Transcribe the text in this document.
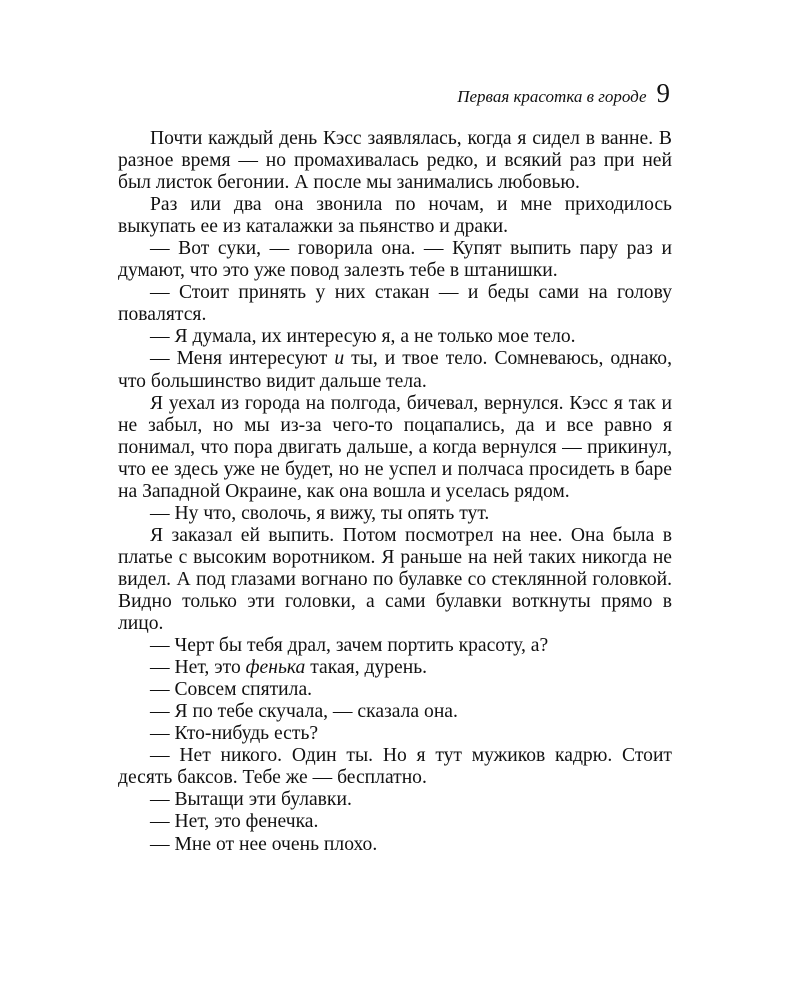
Первая красотка в городе 9

Почти каждый день Кэсс заявлялась, когда я сидел в ванне. В разное время — но промахивалась редко, и всякий раз при ней был листок бегонии. А после мы занимались любовью.

Раз или два она звонила по ночам, и мне приходилось выкупать ее из каталажки за пьянство и драки.

— Вот суки, — говорила она. — Купят выпить пару раз и думают, что это уже повод залезть тебе в штанишки.

— Стоит принять у них стакан — и беды сами на голову повалятся.

— Я думала, их интересую я, а не только мое тело.

— Меня интересуют и ты, и твое тело. Сомневаюсь, однако, что большинство видит дальше тела.

Я уехал из города на полгода, бичевал, вернулся. Кэсс я так и не забыл, но мы из-за чего-то поцапались, да и все равно я понимал, что пора двигать дальше, а когда вернулся — прикинул, что ее здесь уже не будет, но не успел и полчаса просидеть в баре на Западной Окраине, как она вошла и уселась рядом.

— Ну что, сволочь, я вижу, ты опять тут.

Я заказал ей выпить. Потом посмотрел на нее. Она была в платье с высоким воротником. Я раньше на ней таких никогда не видел. А под глазами вогнано по булавке со стеклянной головкой. Видно только эти головки, а сами булавки воткнуты прямо в лицо.

— Черт бы тебя драл, зачем портить красоту, а?

— Нет, это фенька такая, дурень.

— Совсем спятила.

— Я по тебе скучала, — сказала она.

— Кто-нибудь есть?

— Нет никого. Один ты. Но я тут мужиков кадрю. Стоит десять баксов. Тебе же — бесплатно.

— Вытащи эти булавки.

— Нет, это фенечка.

— Мне от нее очень плохо.
